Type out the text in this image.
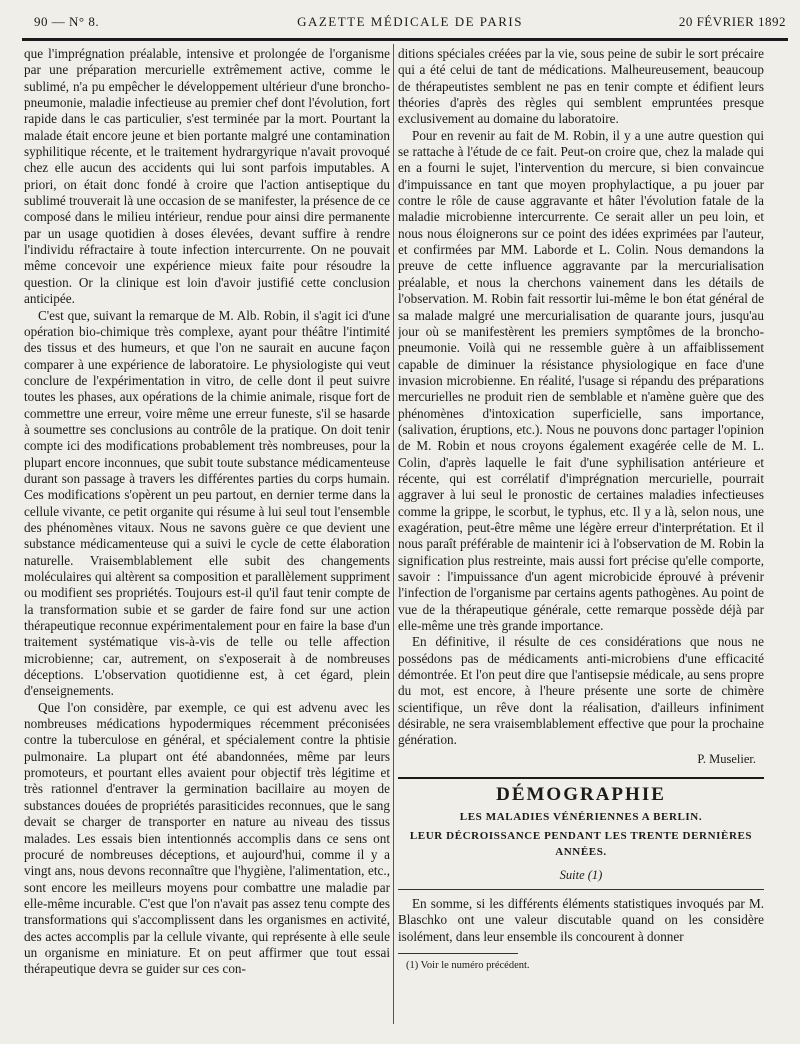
90 — N° 8.	GAZETTE MÉDICALE DE PARIS	20 FÉVRIER 1892

que l'imprégnation préalable, intensive et prolongée de l'organisme par une préparation mercurielle extrêmement active, comme le sublimé, n'a pu empêcher le développement ultérieur d'une broncho-pneumonie, maladie infectieuse au premier chef dont l'évolution, fort rapide dans le cas particulier, s'est terminée par la mort. Pourtant la malade était encore jeune et bien portante malgré une contamination syphilitique récente, et le traitement hydrargyrique n'avait provoqué chez elle aucun des accidents qui lui sont parfois imputables. A priori, on était donc fondé à croire que l'action antiseptique du sublimé trouverait là une occasion de se manifester, la présence de ce composé dans le milieu intérieur, rendue pour ainsi dire permanente par un usage quotidien à doses élevées, devant suffire à rendre l'individu réfractaire à toute infection intercurrente. On ne pouvait même concevoir une expérience mieux faite pour résoudre la question. Or la clinique est loin d'avoir justifié cette conclusion anticipée.

C'est que, suivant la remarque de M. Alb. Robin, il s'agit ici d'une opération bio-chimique très complexe, ayant pour théâtre l'intimité des tissus et des humeurs, et que l'on ne saurait en aucune façon comparer à une expérience de laboratoire. Le physiologiste qui veut conclure de l'expérimentation in vitro, de celle dont il peut suivre toutes les phases, aux opérations de la chimie animale, risque fort de commettre une erreur, voire même une erreur funeste, s'il se hasarde à soumettre ses conclusions au contrôle de la pratique. On doit tenir compte ici des modifications probablement très nombreuses, pour la plupart encore inconnues, que subit toute substance médicamenteuse durant son passage à travers les différentes parties du corps humain. Ces modifications s'opèrent un peu partout, en dernier terme dans la cellule vivante, ce petit organite qui résume à lui seul tout l'ensemble des phénomènes vitaux. Nous ne savons guère ce que devient une substance médicamenteuse qui a suivi le cycle de cette élaboration naturelle. Vraisemblablement elle subit des changements moléculaires qui altèrent sa composition et parallèlement suppriment ou modifient ses propriétés. Toujours est-il qu'il faut tenir compte de la transformation subie et se garder de faire fond sur une action thérapeutique reconnue expérimentalement pour en faire la base d'un traitement systématique vis-à-vis de telle ou telle affection microbienne; car, autrement, on s'exposerait à de nombreuses déceptions. L'observation quotidienne est, à cet égard, plein d'enseignements.

Que l'on considère, par exemple, ce qui est advenu avec les nombreuses médications hypodermiques récemment préconisées contre la tuberculose en général, et spécialement contre la phtisie pulmonaire. La plupart ont été abandonnées, même par leurs promoteurs, et pourtant elles avaient pour objectif très légitime et très rationnel d'entraver la germination bacillaire au moyen de substances douées de propriétés parasiticides reconnues, que le sang devait se charger de transporter en nature au niveau des tissus malades. Les essais bien intentionnés accomplis dans ce sens ont procuré de nombreuses déceptions, et aujourd'hui, comme il y a vingt ans, nous devons reconnaître que l'hygiène, l'alimentation, etc., sont encore les meilleurs moyens pour combattre une maladie par elle-même incurable. C'est que l'on n'avait pas assez tenu compte des transformations qui s'accomplissent dans les organismes en activité, des actes accomplis par la cellule vivante, qui représente à elle seule un organisme en miniature. Et on peut affirmer que tout essai thérapeutique devra se guider sur ces con-

ditions spéciales créées par la vie, sous peine de subir le sort précaire qui a été celui de tant de médications. Malheureusement, beaucoup de thérapeutistes semblent ne pas en tenir compte et édifient leurs théories d'après des règles qui semblent empruntées presque exclusivement au domaine du laboratoire.

Pour en revenir au fait de M. Robin, il y a une autre question qui se rattache à l'étude de ce fait. Peut-on croire que, chez la malade qui en a fourni le sujet, l'intervention du mercure, si bien convaincue d'impuissance en tant que moyen prophylactique, a pu jouer par contre le rôle de cause aggravante et hâter l'évolution fatale de la maladie microbienne intercurrente. Ce serait aller un peu loin, et nous nous éloignerons sur ce point des idées exprimées par l'auteur, et confirmées par MM. Laborde et L. Colin. Nous demandons la preuve de cette influence aggravante par la mercurialisation préalable, et nous la cherchons vainement dans les détails de l'observation. M. Robin fait ressortir lui-même le bon état général de sa malade malgré une mercurialisation de quarante jours, jusqu'au jour où se manifestèrent les premiers symptômes de la broncho-pneumonie. Voilà qui ne ressemble guère à un affaiblissement capable de diminuer la résistance physiologique en face d'une invasion microbienne. En réalité, l'usage si répandu des préparations mercurielles ne produit rien de semblable et n'amène guère que des phénomènes d'intoxication superficielle, sans importance, (salivation, éruptions, etc.). Nous ne pouvons donc partager l'opinion de M. Robin et nous croyons également exagérée celle de M. L. Colin, d'après laquelle le fait d'une syphilisation antérieure et récente, qui est corrélatif d'imprégnation mercurielle, pourrait aggraver à lui seul le pronostic de certaines maladies infectieuses comme la grippe, le scorbut, le typhus, etc. Il y a là, selon nous, une exagération, peut-être même une légère erreur d'interprétation. Et il nous paraît préférable de maintenir ici à l'observation de M. Robin la signification plus restreinte, mais aussi fort précise qu'elle comporte, savoir : l'impuissance d'un agent microbicide éprouvé à prévenir l'infection de l'organisme par certains agents pathogènes. Au point de vue de la thérapeutique générale, cette remarque possède déjà par elle-même une très grande importance.

En définitive, il résulte de ces considérations que nous ne possédons pas de médicaments anti-microbiens d'une efficacité démontrée. Et l'on peut dire que l'antisepsie médicale, au sens propre du mot, est encore, à l'heure présente une sorte de chimère scientifique, un rêve dont la réalisation, d'ailleurs infiniment désirable, ne sera vraisemblablement effective que pour la prochaine génération.

P. Muselier.
DÉMOGRAPHIE
LES MALADIES VÉNÉRIENNES A BERLIN.
LEUR DÉCROISSANCE PENDANT LES TRENTE DERNIÈRES ANNÉES.
Suite (1)

En somme, si les différents éléments statistiques invoqués par M. Blaschko ont une valeur discutable quand on les considère isolément, dans leur ensemble ils concourent à donner

(1) Voir le numéro précédent.
